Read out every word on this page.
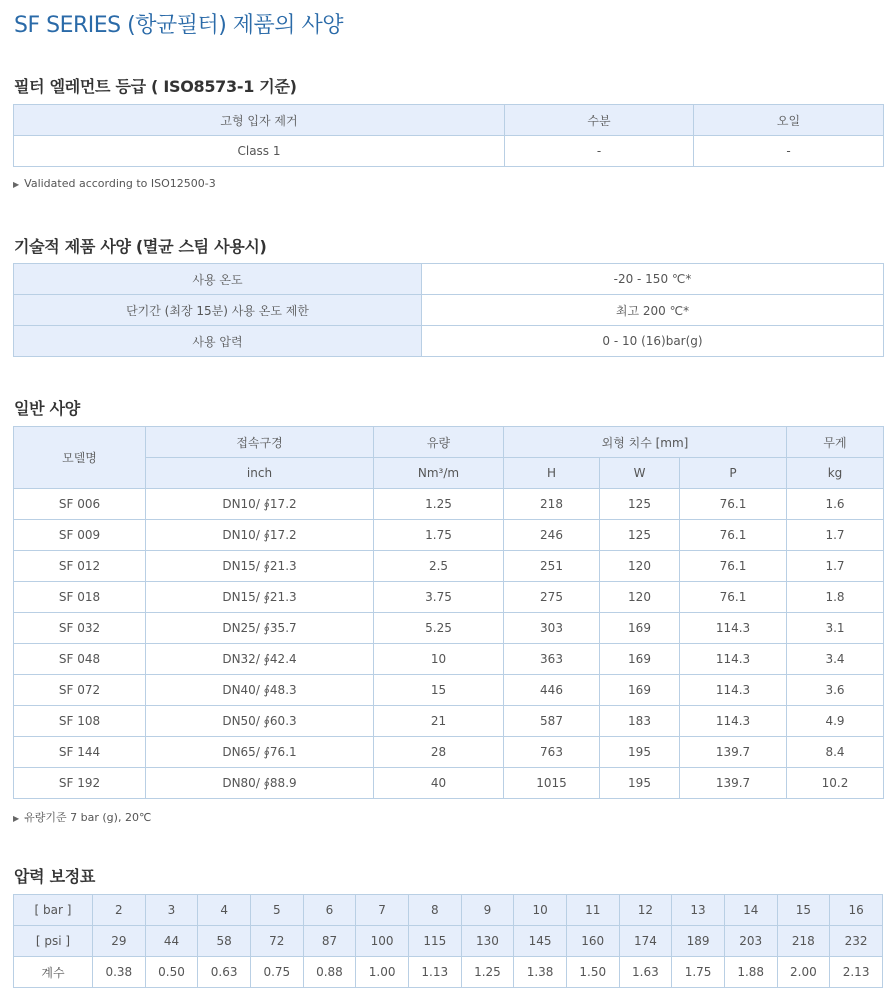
SF SERIES (항균필터) 제품의 사양
필터 엘레먼트 등급 ( ISO8573-1 기준)
고형 입자 제거	수분	오일
Class 1	-	-
▶ Validated according to ISO12500-3
기술적 제품 사양 (멸균 스팀 사용시)
사용 온도	-20 - 150 ℃*
단기간 (최장 15분) 사용 온도 제한	최고 200 ℃*
사용 압력	0 - 10 (16)bar(g)
일반 사양
모델명	접속구경	유량	외형 치수 [mm]			무게
	inch	Nm³/m	H	W	P	kg
SF 006	DN10/ ∮17.2	1.25	218	125	76.1	1.6
SF 009	DN10/ ∮17.2	1.75	246	125	76.1	1.7
SF 012	DN15/ ∮21.3	2.5	251	120	76.1	1.7
SF 018	DN15/ ∮21.3	3.75	275	120	76.1	1.8
SF 032	DN25/ ∮35.7	5.25	303	169	114.3	3.1
SF 048	DN32/ ∮42.4	10	363	169	114.3	3.4
SF 072	DN40/ ∮48.3	15	446	169	114.3	3.6
SF 108	DN50/ ∮60.3	21	587	183	114.3	4.9
SF 144	DN65/ ∮76.1	28	763	195	139.7	8.4
SF 192	DN80/ ∮88.9	40	1015	195	139.7	10.2
▶ 유량기준 7 bar (g), 20℃
압력 보정표
[ bar ]	2	3	4	5	6	7	8	9	10	11	12	13	14	15	16
[ psi ]	29	44	58	72	87	100	115	130	145	160	174	189	203	218	232
계수	0.38	0.50	0.63	0.75	0.88	1.00	1.13	1.25	1.38	1.50	1.63	1.75	1.88	2.00	2.13
